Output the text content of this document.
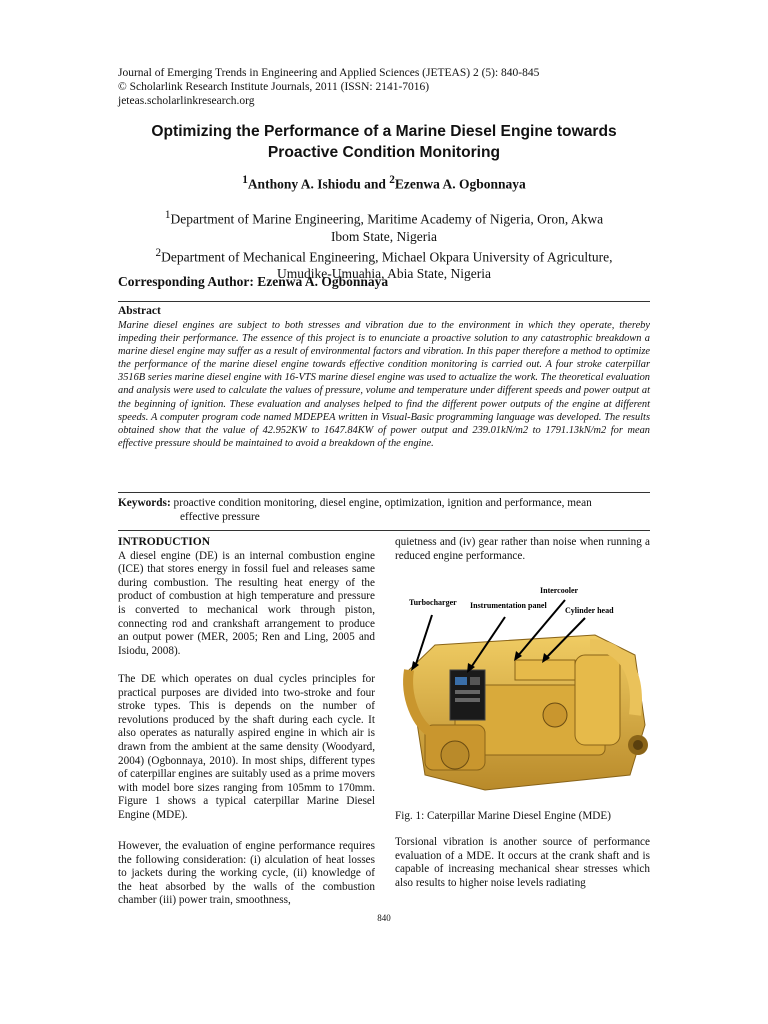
Journal of Emerging Trends in Engineering and Applied Sciences (JETEAS) 2 (5): 840-845
© Scholarlink Research Institute Journals, 2011 (ISSN: 2141-7016)
jeteas.scholarlinkresearch.org
Optimizing the Performance of a Marine Diesel Engine towards
Proactive Condition Monitoring
$^1$Anthony A. Ishiodu and $^2$Ezenwa A. Ogbonnaya
$^1$Department of Marine Engineering, Maritime Academy of Nigeria, Oron, Akwa
Ibom State, Nigeria
$^2$Department of Mechanical Engineering, Michael Okpara University of Agriculture,
Umudike-Umuahia, Abia State, Nigeria
Corresponding Author: Ezenwa A. Ogbonnaya
Abstract
Marine diesel engines are subject to both stresses and vibration due to the environment in which they operate, thereby impeding their performance. The essence of this project is to enunciate a proactive solution to any catastrophic breakdown a marine diesel engine may suffer as a result of environmental factors and vibration. In this paper therefore a method to optimize the performance of the marine diesel engine towards effective condition monitoring is carried out. A four stroke caterpillar 3516B series marine diesel engine with 16-VTS marine diesel engine was used to actualize the work. The theoretical evaluation and analysis were used to calculate the values of pressure, volume and temperature under different speeds and power output at the beginning of ignition. These evaluation and analyses helped to find the different power outputs of the engine at different speeds. A computer program code named MDEPEA written in Visual-Basic programming language was developed. The results obtained show that the value of 42.952KW to 1647.84KW of power output and 239.01kN/m2 to 1791.13kN/m2 for mean effective pressure should be maintained to avoid a breakdown of the engine.
Keywords: proactive condition monitoring, diesel engine, optimization, ignition and performance, mean
effective pressure
INTRODUCTION
A diesel engine (DE) is an internal combustion engine (ICE) that stores energy in fossil fuel and releases same during combustion. The resulting heat energy of the product of combustion at high temperature and pressure is converted to mechanical work through piston, connecting rod and crankshaft arrangement to produce an output power (MER, 2005; Ren and Ling, 2005 and Isiodu, 2008).
The DE which operates on dual cycles principles for practical purposes are divided into two-stroke and four stroke types. This is depends on the number of revolutions produced by the shaft during each cycle. It also operates as naturally aspired engine in which air is drawn from the ambient at the same density (Woodyard, 2004) (Ogbonnaya, 2010). In most ships, different types of caterpillar engines are suitably used as a prime movers with model bore sizes ranging from 105mm to 170mm. Figure 1 shows a typical caterpillar Marine Diesel Engine (MDE).
However, the evaluation of engine performance requires the following consideration: (i) alculation of heat losses to jackets during the working cycle, (ii) knowledge of the heat absorbed by the walls of the combustion chamber (iii) power train, smoothness,
quietness and (iv) gear rather than noise when running a reduced engine performance.
Turbocharger
Intercooler
Instrumentation panel
Cylinder head
Fig. 1: Caterpillar Marine Diesel Engine (MDE)
Torsional vibration is another source of performance evaluation of a MDE. It occurs at the crank shaft and is capable of increasing mechanical shear stresses which also results to higher noise levels radiating
840
